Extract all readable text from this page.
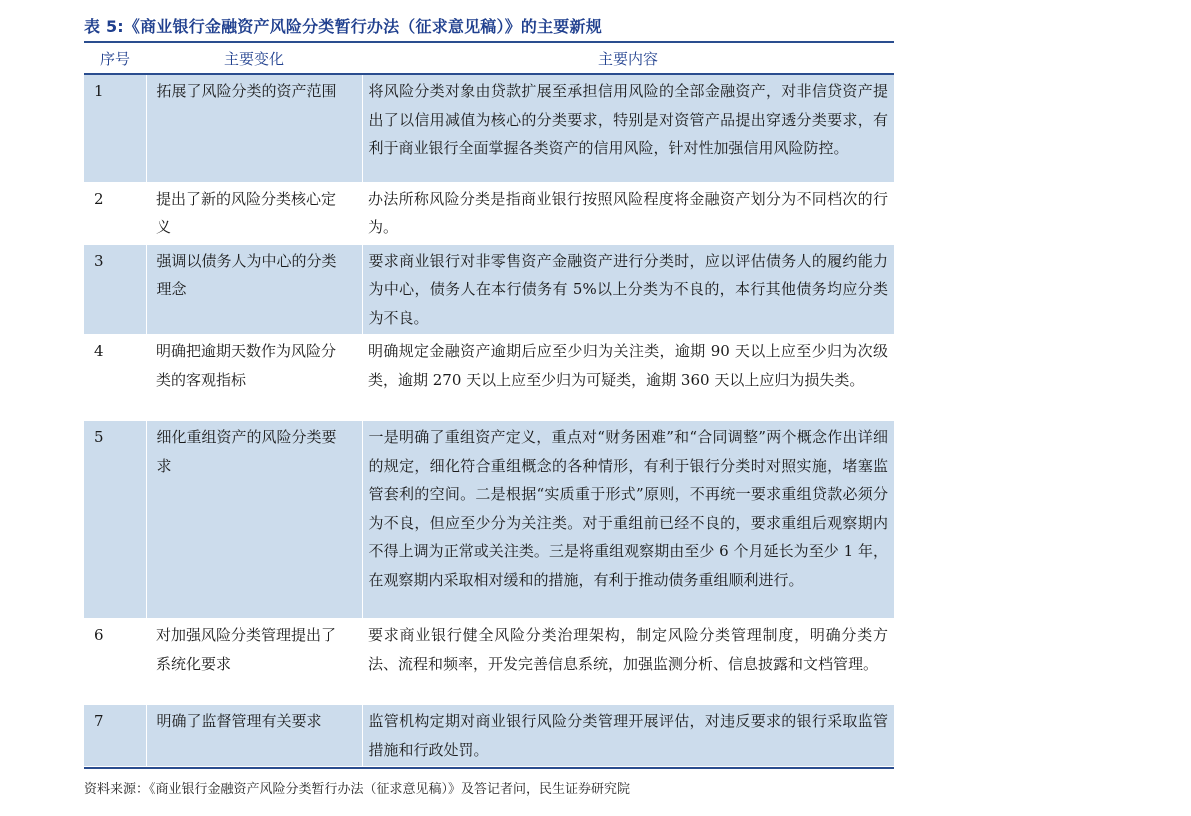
表 5:《商业银行金融资产风险分类暂行办法（征求意见稿）》的主要新规
序号	主要变化	主要内容
1	拓展了风险分类的资产范围	将风险分类对象由贷款扩展至承担信用风险的全部金融资产，对非信贷资产提出了以信用减值为核心的分类要求，特别是对资管产品提出穿透分类要求，有利于商业银行全面掌握各类资产的信用风险，针对性加强信用风险防控。
2	提出了新的风险分类核心定义	办法所称风险分类是指商业银行按照风险程度将金融资产划分为不同档次的行为。
3	强调以债务人为中心的分类理念	要求商业银行对非零售资产金融资产进行分类时，应以评估债务人的履约能力为中心，债务人在本行债务有 5%以上分类为不良的，本行其他债务均应分类为不良。
4	明确把逾期天数作为风险分类的客观指标	明确规定金融资产逾期后应至少归为关注类，逾期 90 天以上应至少归为次级类，逾期 270 天以上应至少归为可疑类，逾期 360 天以上应归为损失类。
5	细化重组资产的风险分类要求	一是明确了重组资产定义，重点对“财务困难”和“合同调整”两个概念作出详细的规定，细化符合重组概念的各种情形，有利于银行分类时对照实施，堵塞监管套利的空间。二是根据“实质重于形式”原则，不再统一要求重组贷款必须分为不良，但应至少分为关注类。对于重组前已经不良的，要求重组后观察期内不得上调为正常或关注类。三是将重组观察期由至少 6 个月延长为至少 1 年，在观察期内采取相对缓和的措施，有利于推动债务重组顺利进行。
6	对加强风险分类管理提出了系统化要求	要求商业银行健全风险分类治理架构，制定风险分类管理制度，明确分类方法、流程和频率，开发完善信息系统，加强监测分析、信息披露和文档管理。
7	明确了监督管理有关要求	监管机构定期对商业银行风险分类管理开展评估，对违反要求的银行采取监管措施和行政处罚。
资料来源：《商业银行金融资产风险分类暂行办法（征求意见稿）》及答记者问，民生证券研究院
